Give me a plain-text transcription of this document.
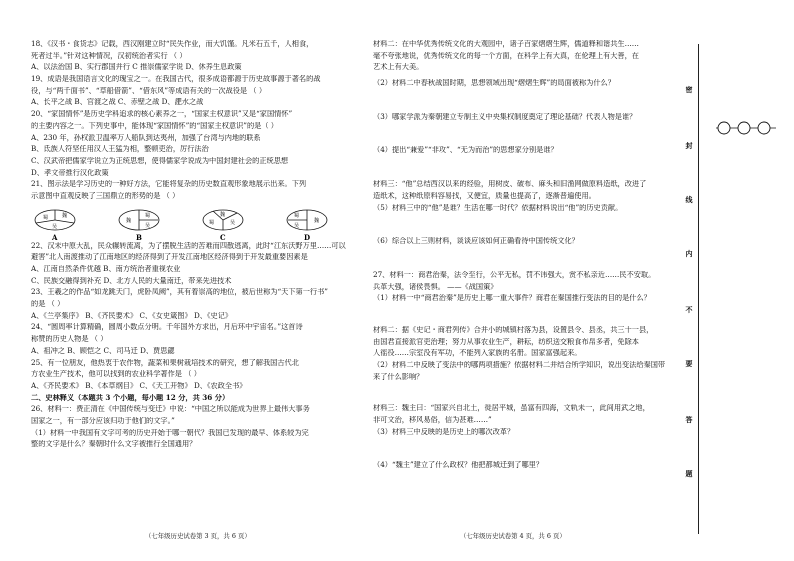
18、《汉书・食货志》记载，西汉刚建立时“民失作业，而大饥馑。凡米石五千，人相食，
死者过半。”针对这种情况，汉初统治者实行 （ ）
A、以法治国 B、实行郡国并行 C 推崇儒家学说 D、休养生息政策
19、成语是我国语言文化的瑰宝之一。在我国古代，很多成语都源于历史故事源于著名的战
役，与“两千面书”、“草船借箭”、“借东风”等成语有关的一次战役是 （ ）
A、长平之战 B、官渡之战 C、赤壁之战 D、淝水之战
20、“家国情怀”是历史学科追求的核心素养之一，“国家主权意识”又是“家国情怀”
的主要内容之一。下列史事中，能体现“家国情怀”的“国家主权意识”的是（ ）
A、230 年，孙权派卫温率万人船队到达夷州，加强了台湾与内地的联系
B、氐族人符坚任用汉人王猛为相，整顿吏治，厉行法治
C、汉武帝把儒家学说立为正统思想，使得儒家学说成为中国封建社会的正统思想
D、孝文帝推行汉化政策
21、图示法是学习历史的一种好方法，它能将复杂的历史数直观形象地展示出来。下列
示意图中直观反映了三国鼎立的形势的是 （ ）
魏
蜀
吴
A
魏
蜀
吴
B
魏
蜀	吴
C
魏
蜀
吴
D
22、汉末中原大乱，民众辗转流离，为了摆脱生活的苦难而四散逃离，此时“江东沃野万里……可以
避害”北人南渡推动了江南地区的经济得到了开发江南地区经济得到于开发最重要因素是
A、江南自然条件优越 B、南方统治者重视农业
C、民族交融得到补充 D、北方人民的大量南迁，带来先进技术
23、王羲之的作品“如龙跳天门，虎卧凤阙”，其有着崇高的地位，被后世称为“天下第一行书”
的是 （ ）
A、《兰亭集序》 B、《齐民要术》 C、《女史箴图》 D、《史记》
24、“圆周率计算精确，圆周小数点分明。千年国外方求出，月后环中宇宙名。”这首诗
称赞的历史人物是 （ ）
A、祖冲之 B、顾恺之 C、司马迁 D、贾思勰
25、有一位朋友，他热衷于农作物，蔬菜和果树栽培技术的研究，想了解我国古代北
方农业生产技术，他可以找到的农业科学著作是 （ ）
A、《齐民要术》 B、《本草纲目》 C、《天工开物》 D、《农政全书》
二、史林释义（本题共 3 个小题，每小题 12 分，共 36 分）
26、材料一：费正清在《中国传统与变迁》中说：“中国之所以能成为世界上最伟大事务
国家之一，有一部分应该归功于他们的文字。”
（1）材料一中我国有文字可考的历史开始于哪一朝代？我国已发现的最早、体系较为完
整的文字是什么？秦朝时什么文字被推行全国通用？
材料二：在中华优秀传统文化的大观园中，诸子百家熠熠生辉，儒道释和谐共生……
毫不夸张地说，优秀传统文化的每一个方面，在科学上有大真，在伦理上有大善，在
艺术上有大美。
（2）材料二中春秋战国时期，思想领域出现“熠熠生辉”的局面被称为什么？
（3）哪家学派为秦朝建立专制主义中央集权制度奠定了理论基础？代表人物是谁？
（4）提出“兼爱”“非攻”、“无为而治”的思想家分别是谁？
材料三：“他”总结西汉以来的经验，用树皮、破布、麻头和旧渔网做原料造纸，改进了
造纸术，这种纸原料容易找，又便宜，质量也提高了，逐渐普遍使用。
（5）材料三中的“他”是谁？生活在哪一时代？依据材料说出“他”的历史贡献。
（6）综合以上三则材料，谈谈应该如何正确看待中国传统文化？
27、材料一：商君治秦，法令至行，公平无私，罚不讳强大，赏不私亲近……民不安取。
兵革大强，诸侯畏惧。 ——《战国策》
（1）材料一中“商君治秦”是历史上哪一重大事件？商君在秦国推行变法的目的是什么？
材料二：据《史记・商君列传》合并小的城镇村落为县，设置县令、县丞，共三十一县，
由国君直接派官吏治理；努力从事农业生产，耕耘，纺织送交粮食布帛多者，免除本
人徭役……宗室没有军功，不能列入家族的名册。国家富强起来。
（2）材料二中反映了变法中的哪两项措施？依据材料二并结合所学知识，说出变法给秦国带
来了什么影响？
材料三：魏主曰：“国家兴自北土，徙居平城，虽富有四海，文轨未一，此间用武之地，
非可文治，移风易俗，信为甚难……”
（3）材料三中反映的是历史上的哪次改革？
（4）“魏主”建立了什么政权？他把都城迁到了哪里？
（七年级历史试卷第 3 页，共 6 页）	（七年级历史试卷第 4 页，共 6 页）
密
封
线
内
不
要
答
题
